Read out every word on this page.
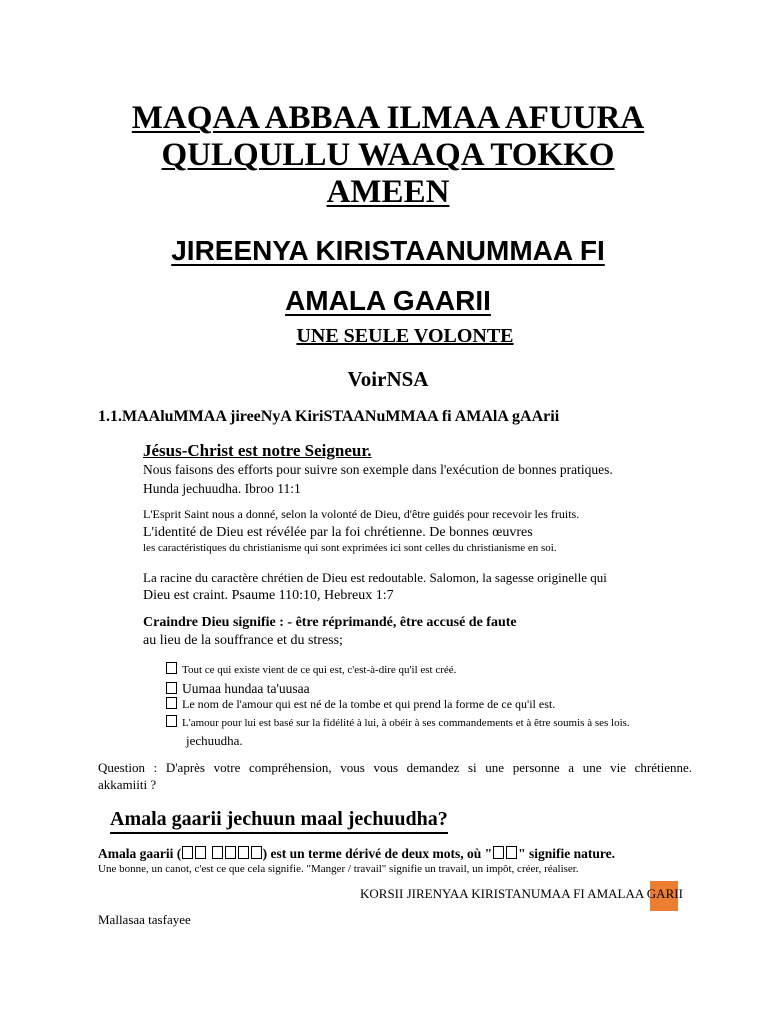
MAQAA ABBAA ILMAA AFUURA
QULQULLU WAAQA TOKKO
AMEEN
JIREENYA KIRISTAANUMMAA FI
AMALA GAARII
UNE SEULE VOLONTE
VoirNSA
1.1.MAAluMMAA jireeNyA KiriSTAANuMMAA fi AMAlA gAArii
Jésus-Christ est notre Seigneur.
Nous faisons des efforts pour suivre son exemple dans l'exécution de bonnes pratiques.
Hunda jechuudha. Ibroo 11:1
L'Esprit Saint nous a donné, selon la volonté de Dieu, d'être guidés pour recevoir les fruits.
L'identité de Dieu est révélée par la foi chrétienne. De bonnes œuvres
les caractéristiques du christianisme qui sont exprimées ici sont celles du christianisme en soi.
La racine du caractère chrétien de Dieu est redoutable. Salomon, la sagesse originelle qui
Dieu est craint. Psaume 110:10, Hebreux 1:7
Craindre Dieu signifie : - être réprimandé, être accusé de faute
au lieu de la souffrance et du stress;
Tout ce qui existe vient de ce qui est, c'est-à-dire qu'il est créé.
Uumaa hundaa ta'uusaa
Le nom de l'amour qui est né de la tombe et qui prend la forme de ce qu'il est.
L'amour pour lui est basé sur la fidélité à lui, à obéir à ses commandements et à être soumis à ses lois.
jechuudha.
Question : D'après votre compréhension, vous vous demandez si une personne a une vie chrétienne.
akkamiiti ?
Amala gaarii jechuun maal jechuudha?
Amala gaarii (	) est un terme dérivé de deux mots, où " " signifie nature.
Une bonne, un canot, c'est ce que cela signifie. "Manger / travail" signifie un travail, un impôt, créer, réaliser.
KORSII JIRENYAA KIRISTANUMAA FI AMALAA GARII
Mallasaa tasfayee
